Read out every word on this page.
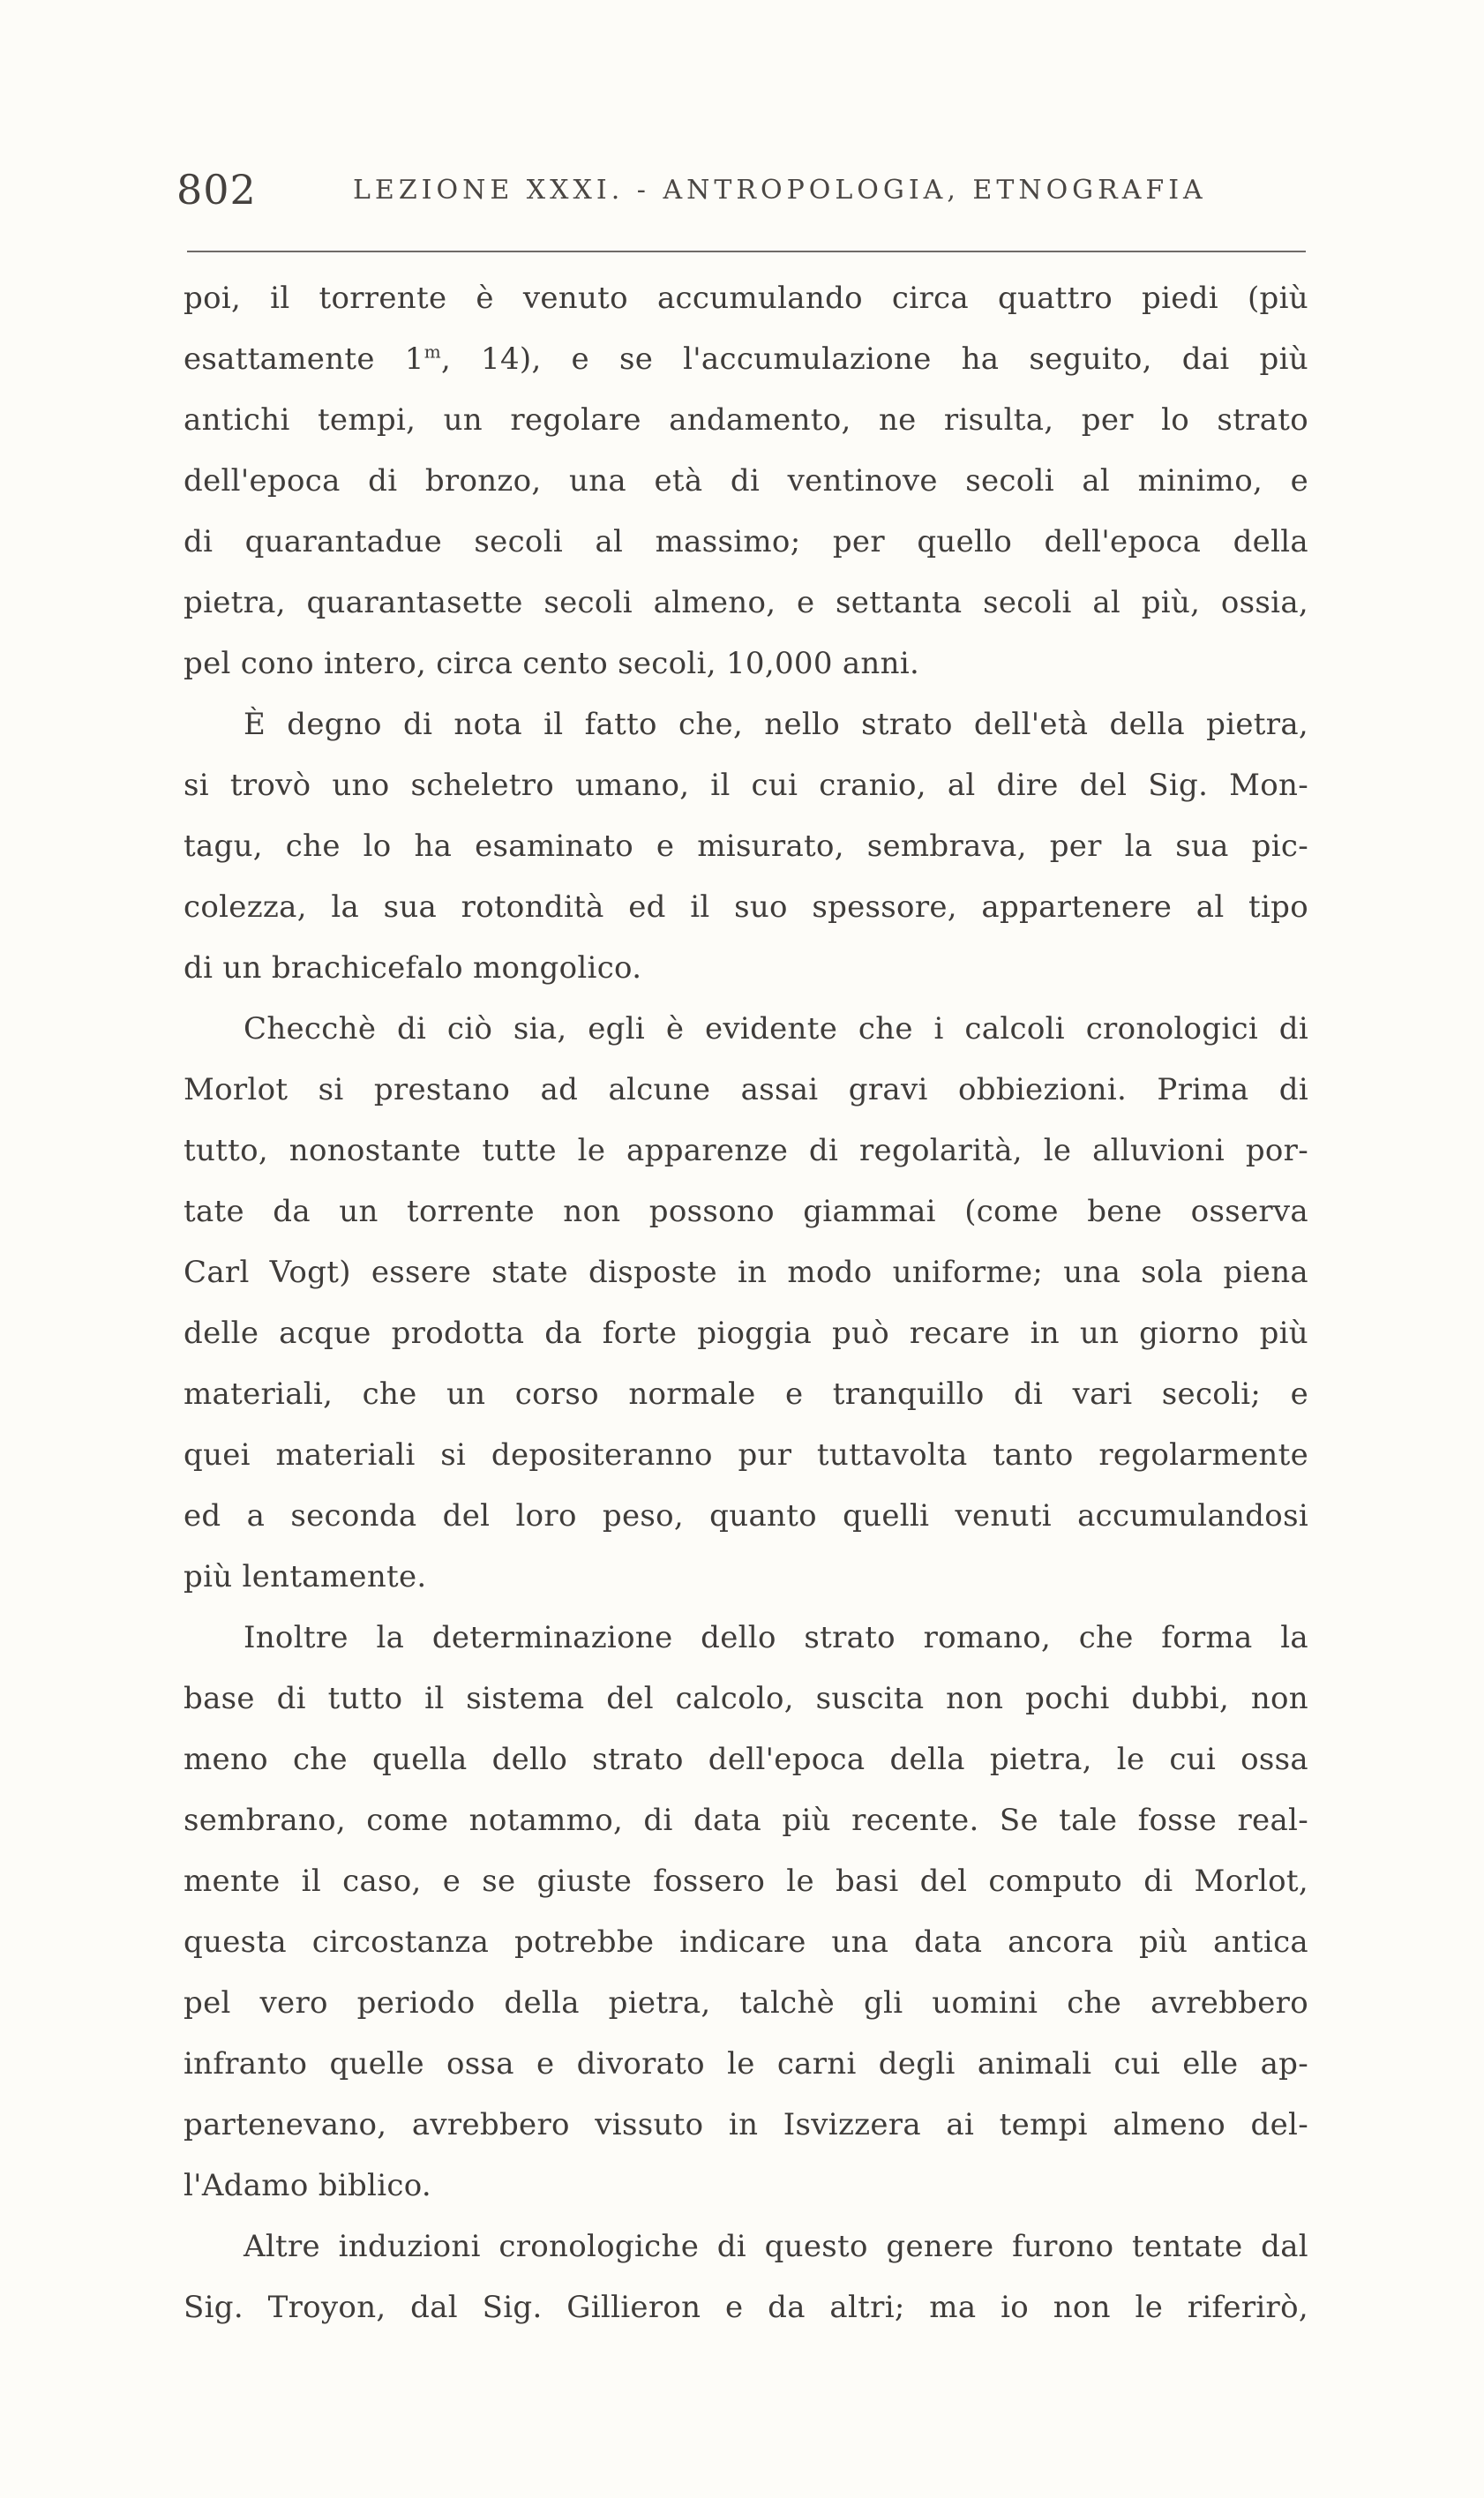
802	LEZIONE XXXI. - ANTROPOLOGIA, ETNOGRAFIA
poi, il torrente è venuto accumulando circa quattro piedi (più
esattamente 1$^m$, 14), e se l'accumulazione ha seguito, dai più
antichi tempi, un regolare andamento, ne risulta, per lo strato
dell'epoca di bronzo, una età di ventinove secoli al minimo, e
di quarantadue secoli al massimo; per quello dell'epoca della
pietra, quarantasette secoli almeno, e settanta secoli al più, ossia,
pel cono intero, circa cento secoli, 10,000 anni.
È degno di nota il fatto che, nello strato dell'età della pietra,
si trovò uno scheletro umano, il cui cranio, al dire del Sig. Mon-
tagu, che lo ha esaminato e misurato, sembrava, per la sua pic-
colezza, la sua rotondità ed il suo spessore, appartenere al tipo
di un brachicefalo mongolico.
Checchè di ciò sia, egli è evidente che i calcoli cronologici di
Morlot si prestano ad alcune assai gravi obbiezioni. Prima di
tutto, nonostante tutte le apparenze di regolarità, le alluvioni por-
tate da un torrente non possono giammai (come bene osserva
Carl Vogt) essere state disposte in modo uniforme; una sola piena
delle acque prodotta da forte pioggia può recare in un giorno più
materiali, che un corso normale e tranquillo di vari secoli; e
quei materiali si depositeranno pur tuttavolta tanto regolarmente
ed a seconda del loro peso, quanto quelli venuti accumulandosi
più lentamente.
Inoltre la determinazione dello strato romano, che forma la
base di tutto il sistema del calcolo, suscita non pochi dubbi, non
meno che quella dello strato dell'epoca della pietra, le cui ossa
sembrano, come notammo, di data più recente. Se tale fosse real-
mente il caso, e se giuste fossero le basi del computo di Morlot,
questa circostanza potrebbe indicare una data ancora più antica
pel vero periodo della pietra, talchè gli uomini che avrebbero
infranto quelle ossa e divorato le carni degli animali cui elle ap-
partenevano, avrebbero vissuto in Isvizzera ai tempi almeno del-
l'Adamo biblico.
Altre induzioni cronologiche di questo genere furono tentate dal
Sig. Troyon, dal Sig. Gillieron e da altri; ma io non le riferirò,
